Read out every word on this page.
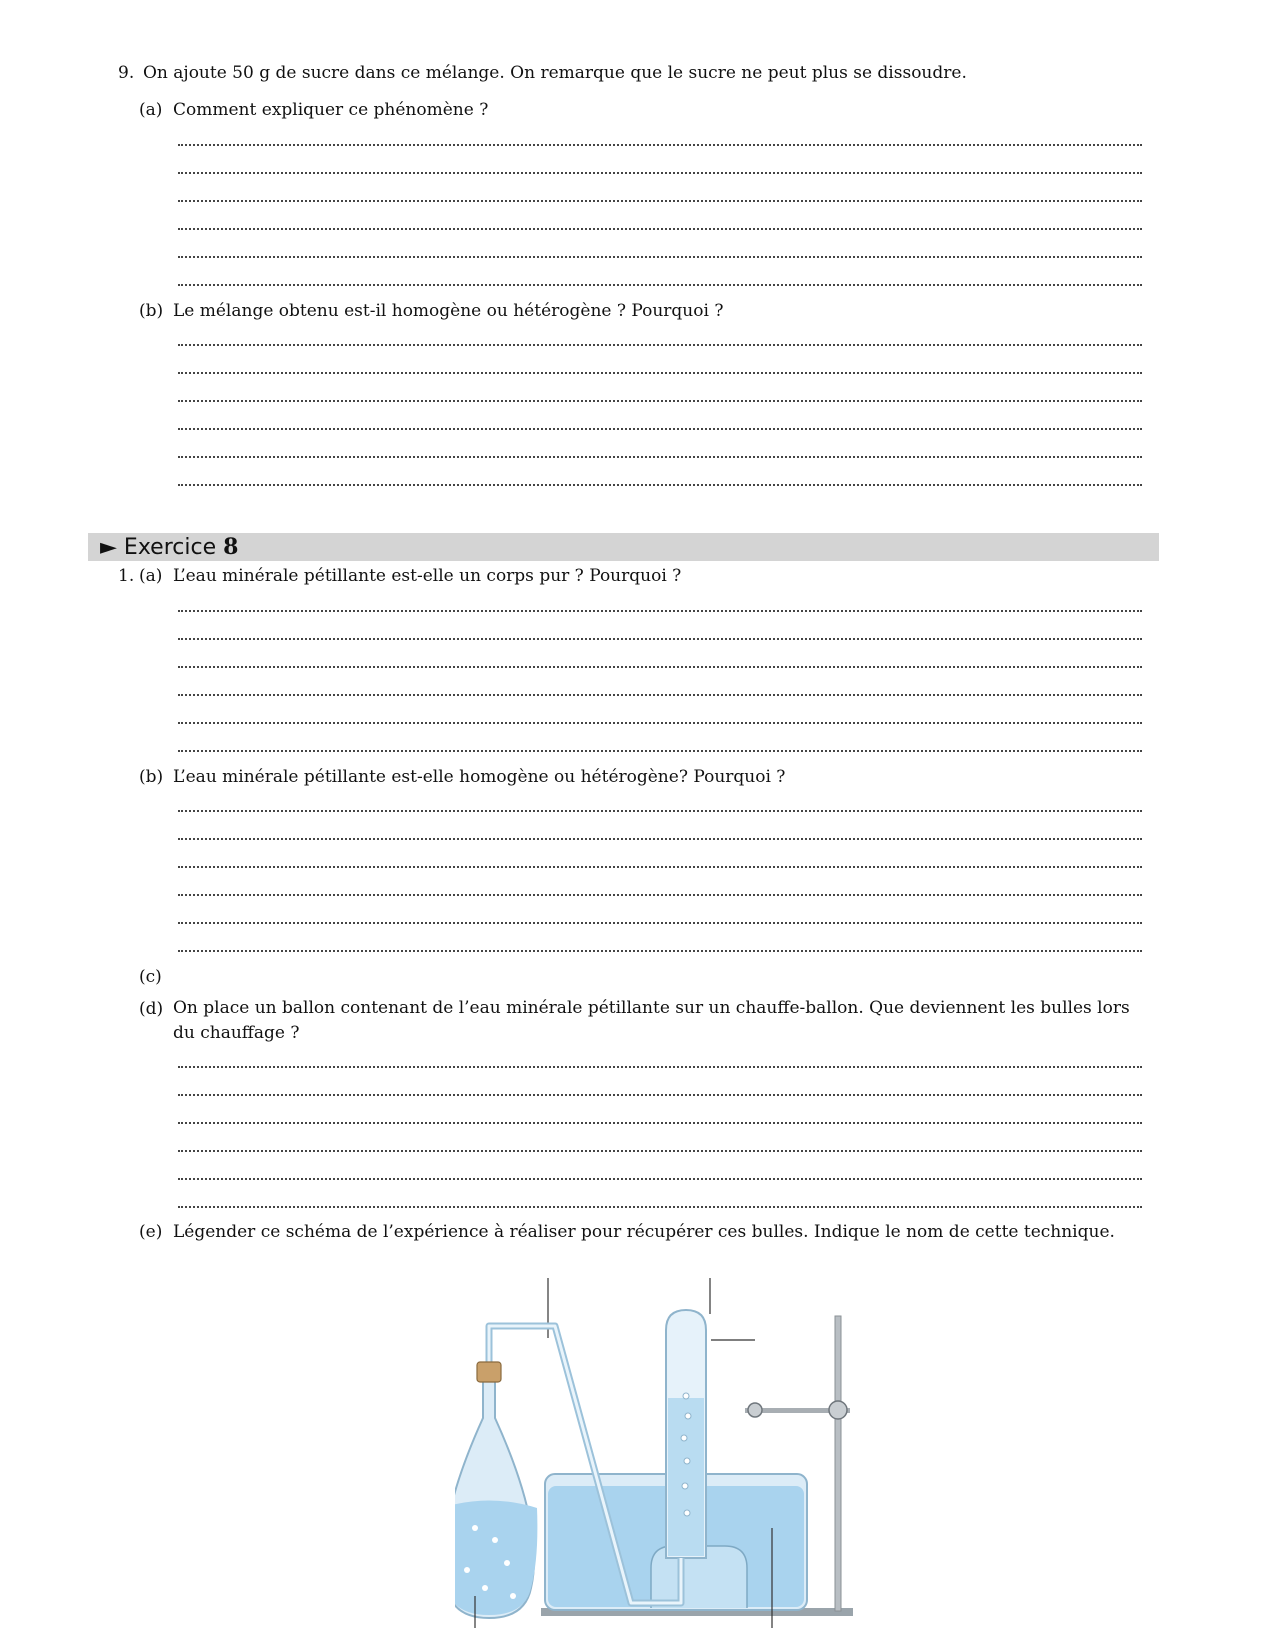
9. On ajoute 50 g de sucre dans ce mélange. On remarque que le sucre ne peut plus se dissoudre.
(a) Comment expliquer ce phénomène ?
(b) Le mélange obtenu est-il homogène ou hétérogène ? Pourquoi ?
► Exercice 8
1. (a) L’eau minérale pétillante est-elle un corps pur ? Pourquoi ?
(b) L’eau minérale pétillante est-elle homogène ou hétérogène? Pourquoi ?
(c)
(d) On place un ballon contenant de l’eau minérale pétillante sur un chauffe-ballon. Que deviennent les bulles lors du chauffage ?
(e) Légender ce schéma de l’expérience à réaliser pour récupérer ces bulles. Indique le nom de cette technique.
